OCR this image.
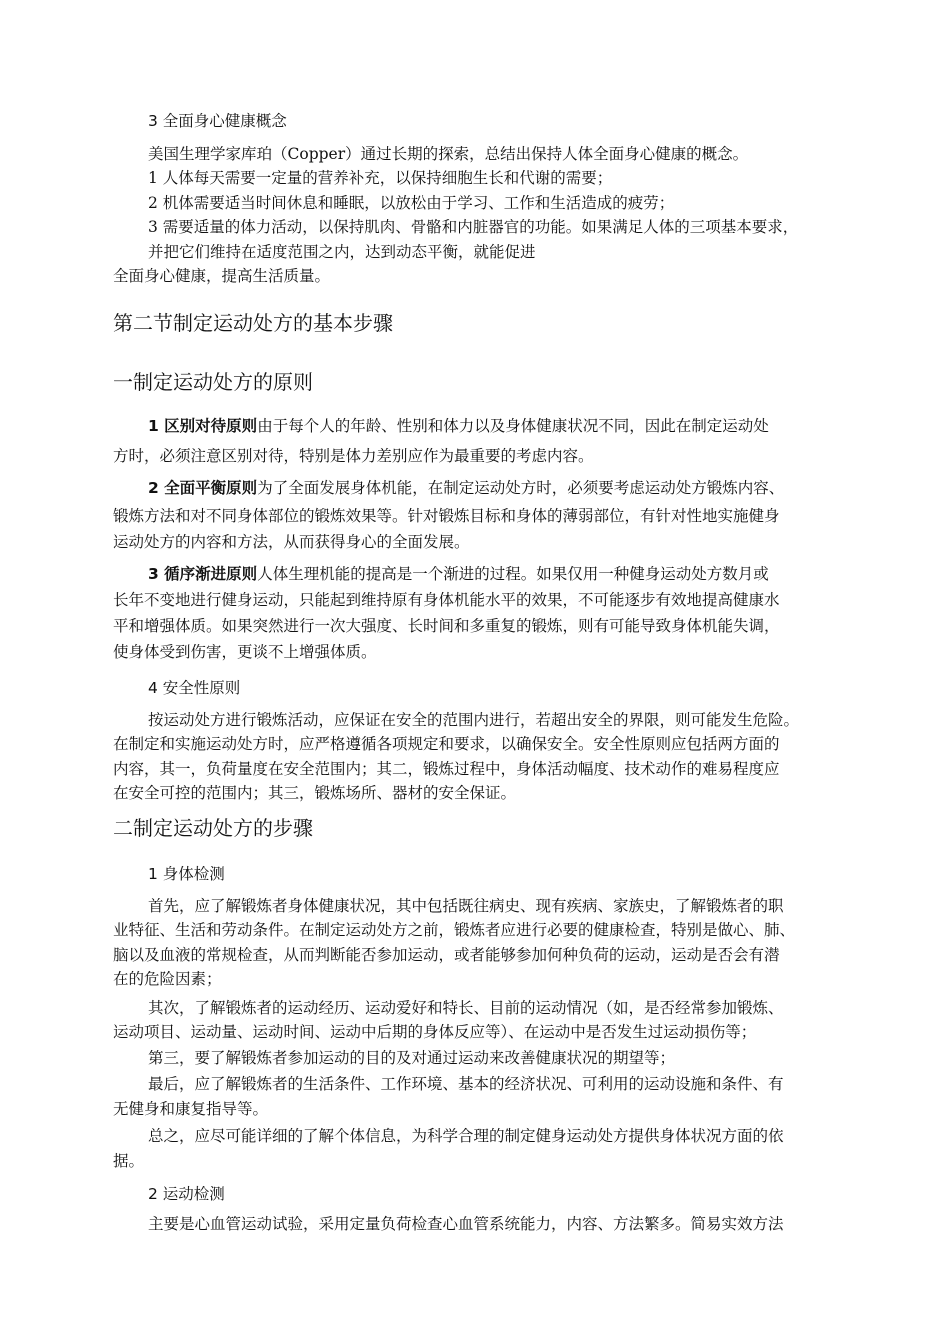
3 全面身心健康概念
美国生理学家库珀（Copper）通过长期的探索，总结出保持人体全面身心健康的概念。
1 人体每天需要一定量的营养补充，以保持细胞生长和代谢的需要；
2 机体需要适当时间休息和睡眠，以放松由于学习、工作和生活造成的疲劳；
3 需要适量的体力活动，以保持肌肉、骨骼和内脏器官的功能。如果满足人体的三项基本要求，
并把它们维持在适度范围之内，达到动态平衡，就能促进
全面身心健康，提高生活质量。
第二节制定运动处方的基本步骤
一制定运动处方的原则
1 区别对待原则由于每个人的年龄、性别和体力以及身体健康状况不同，因此在制定运动处
方时，必须注意区别对待，特别是体力差别应作为最重要的考虑内容。
2 全面平衡原则为了全面发展身体机能，在制定运动处方时，必须要考虑运动处方锻炼内容、
锻炼方法和对不同身体部位的锻炼效果等。针对锻炼目标和身体的薄弱部位，有针对性地实施健身
运动处方的内容和方法，从而获得身心的全面发展。
3 循序渐进原则人体生理机能的提高是一个渐进的过程。如果仅用一种健身运动处方数月或
长年不变地进行健身运动，只能起到维持原有身体机能水平的效果，不可能逐步有效地提高健康水
平和增强体质。如果突然进行一次大强度、长时间和多重复的锻炼，则有可能导致身体机能失调，
使身体受到伤害，更谈不上增强体质。
4 安全性原则
按运动处方进行锻炼活动，应保证在安全的范围内进行，若超出安全的界限，则可能发生危险。
在制定和实施运动处方时，应严格遵循各项规定和要求，以确保安全。安全性原则应包括两方面的
内容，其一，负荷量度在安全范围内；其二，锻炼过程中，身体活动幅度、技术动作的难易程度应
在安全可控的范围内；其三，锻炼场所、器材的安全保证。
二制定运动处方的步骤
1 身体检测
首先，应了解锻炼者身体健康状况，其中包括既往病史、现有疾病、家族史，了解锻炼者的职
业特征、生活和劳动条件。在制定运动处方之前，锻炼者应进行必要的健康检查，特别是做心、肺、
脑以及血液的常规检查，从而判断能否参加运动，或者能够参加何种负荷的运动，运动是否会有潜
在的危险因素；
其次，了解锻炼者的运动经历、运动爱好和特长、目前的运动情况（如，是否经常参加锻炼、
运动项目、运动量、运动时间、运动中后期的身体反应等）、在运动中是否发生过运动损伤等；
第三，要了解锻炼者参加运动的目的及对通过运动来改善健康状况的期望等；
最后，应了解锻炼者的生活条件、工作环境、基本的经济状况、可利用的运动设施和条件、有
无健身和康复指导等。
总之，应尽可能详细的了解个体信息，为科学合理的制定健身运动处方提供身体状况方面的依
据。
2 运动检测
主要是心血管运动试验，采用定量负荷检查心血管系统能力，内容、方法繁多。简易实效方法
